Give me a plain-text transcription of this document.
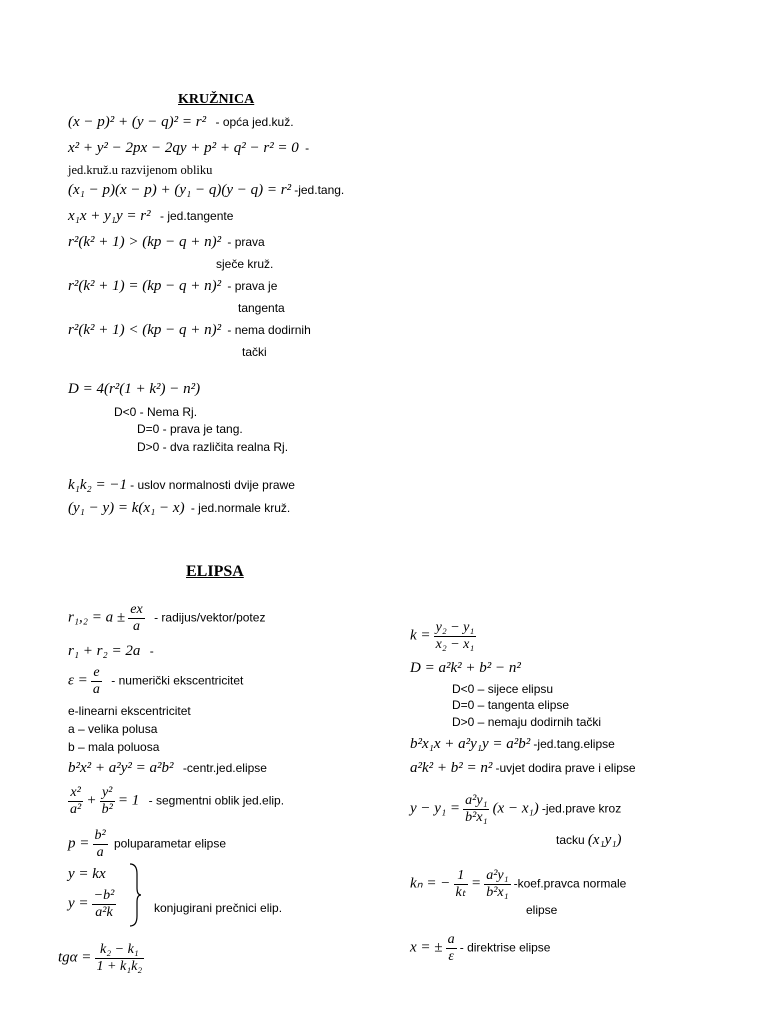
KRUŽNICA
(x − p)² + (y − q)² = r² - opća jed.kuž.
x² + y² − 2px − 2qy + p² + q² − r² = 0 -
jed.kruž.u razvijenom obliku
(x₁ − p)(x − p) + (y₁ − q)(y − q) = r² -jed.tang.
x₁x + y₁y = r² - jed.tangente
r²(k² + 1) > (kp − q + n)² - prava
sječe kruž.
r²(k² + 1) = (kp − q + n)² - prava je
tangenta
r²(k² + 1) < (kp − q + n)² - nema dodirnih
tački
D = 4(r²(1 + k²) − n²)
D<0 - Nema Rj.
D=0 - prava je tang.
D>0 - dva različita realna Rj.
k₁k₂ = −1 - uslov normalnosti dvije prawe
(y₁ − y) = k(x₁ − x) - jed.normale kruž.
ELIPSA
$r_1,_2 = a \pm \frac{ex}{a}$ - radijus/vektor/potez
r₁ + r₂ = 2a -
$\varepsilon = \frac{e}{a}$ - numerički ekscentricitet
e-linearni ekscentricitet
a – velika polusa
b – mala poluosa
b²x² + a²y² = a²b² -centr.jed.elipse
$\frac{\text{x²}}{\text{a²}} + \frac{\text{y²}}{\text{b²}} = 1$ - segmentni oblik jed.elip.
$p = \frac{\text{b²}}{a}$ poluparametar elipse
y = kx
$y = \frac{\text{−b²}}{\text{a²k}}$	konjugirani prečnici elip.
$tg\alpha = \frac{\text{k₂ − k₁}}{\text{1 + k₁k₂}}$
$k = \frac{\text{y₂ − y₁}}{\text{x₂ − x₁}}$
D = a²k² + b² − n²
D<0 – sijece elipsu
D=0 – tangenta elipse
D>0 – nemaju dodirnih tački
b²x₁x + a²y₁y = a²b² -jed.tang.elipse
a²k² + b² = n² -uvjet dodira prave i elipse
$y - y_1 = \frac{\text{a²y₁}}{\text{b²x₁}} (x - x_1)$ -jed.prave kroz
tacku (x₁y₁)
kₙ = − $\frac{1}{\text{kₜ}} = \frac{\text{a²y₁}}{\text{b²x₁}}$ -koef.pravca normale
elipse
x = ± $\frac{a}{\varepsilon}$ - direktrise elipse
